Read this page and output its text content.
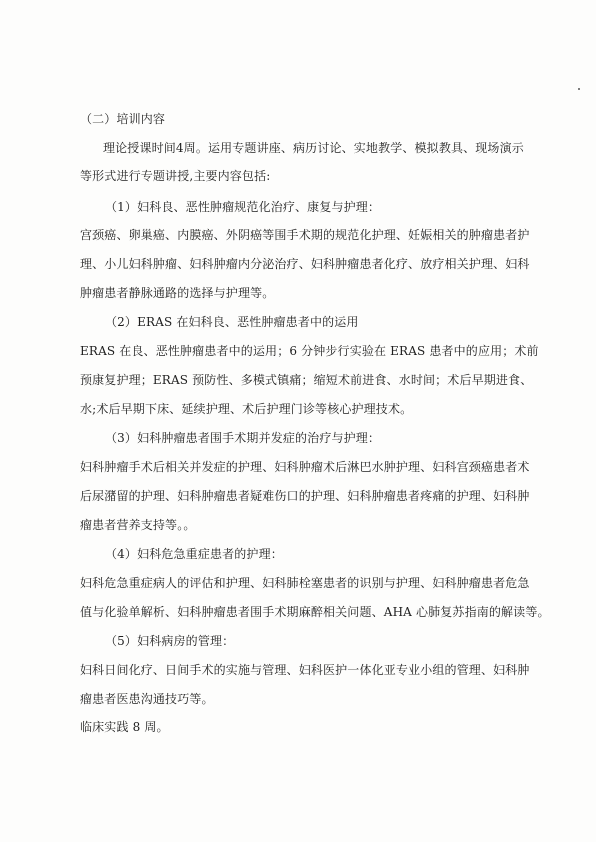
（二）培训内容
理论授课时间4周。运用专题讲座、病历讨论、实地教学、模拟教具、现场演示
等形式进行专题讲授,主要内容包括:
（1）妇科良、恶性肿瘤规范化治疗、康复与护理：
宫颈癌、卵巢癌、内膜癌、外阴癌等围手术期的规范化护理、妊娠相关的肿瘤患者护
理、小儿妇科肿瘤、妇科肿瘤内分泌治疗、妇科肿瘤患者化疗、放疗相关护理、妇科
肿瘤患者静脉通路的选择与护理等。
（2）ERAS 在妇科良、恶性肿瘤患者中的运用
ERAS 在良、恶性肿瘤患者中的运用；6 分钟步行实验在 ERAS 患者中的应用；术前
预康复护理；ERAS 预防性、多模式镇痛；缩短术前进食、水时间；术后早期进食、
水;术后早期下床、延续护理、术后护理门诊等核心护理技术。
（3）妇科肿瘤患者围手术期并发症的治疗与护理：
妇科肿瘤手术后相关并发症的护理、妇科肿瘤术后淋巴水肿护理、妇科宫颈癌患者术
后尿潴留的护理、妇科肿瘤患者疑难伤口的护理、妇科肿瘤患者疼痛的护理、妇科肿
瘤患者营养支持等。。
（4）妇科危急重症患者的护理：
妇科危急重症病人的评估和护理、妇科肺栓塞患者的识别与护理、妇科肿瘤患者危急
值与化验单解析、妇科肿瘤患者围手术期麻醉相关问题、AHA 心肺复苏指南的解读等。
（5）妇科病房的管理：
妇科日间化疗、日间手术的实施与管理、妇科医护一体化亚专业小组的管理、妇科肿
瘤患者医患沟通技巧等。
临床实践 8 周。
